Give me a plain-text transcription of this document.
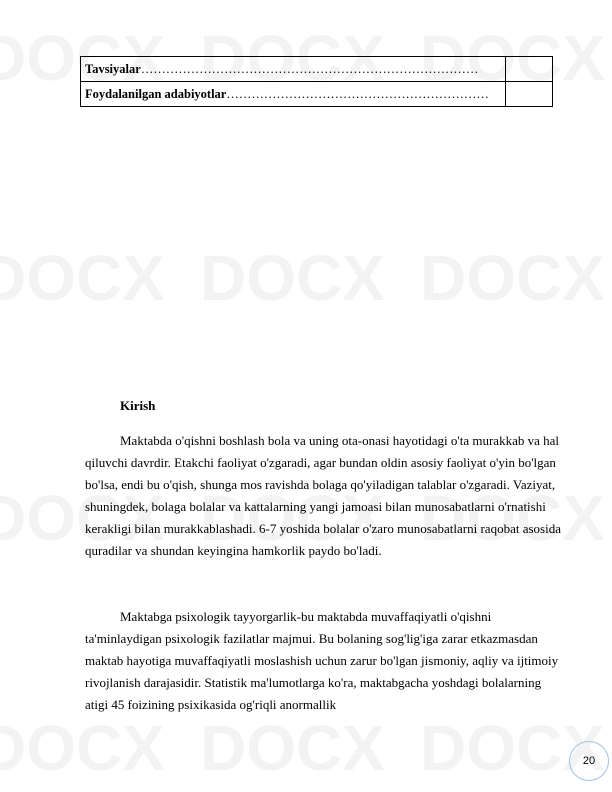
Tavsiyalar………………………………………………………………………	
Foydalanilgan adabiyotlar………………………………………………………	
Kirish

Maktabda o'qishni boshlash bola va uning ota-onasi hayotidagi o'ta murakkab va hal qiluvchi davrdir. Etakchi faoliyat o'zgaradi, agar bundan oldin asosiy faoliyat o'yin bo'lgan bo'lsa, endi bu o'qish, shunga mos ravishda bolaga qo'yiladigan talablar o'zgaradi. Vaziyat, shuningdek, bolaga bolalar va kattalarning yangi jamoasi bilan munosabatlarni o'rnatishi kerakligi bilan murakkablashadi. 6-7 yoshida bolalar o'zaro munosabatlarni raqobat asosida quradilar va shundan keyingina hamkorlik paydo bo'ladi.

Maktabga psixologik tayyorgarlik-bu maktabda muvaffaqiyatli o'qishni ta'minlaydigan psixologik fazilatlar majmui. Bu bolaning sog'lig'iga zarar etkazmasdan maktab hayotiga muvaffaqiyatli moslashish uchun zarur bo'lgan jismoniy, aqliy va ijtimoiy rivojlanish darajasidir. Statistik ma'lumotlarga ko'ra, maktabgacha yoshdagi bolalarning atigi 45 foizining psixikasida og'riqli anormallik

20
